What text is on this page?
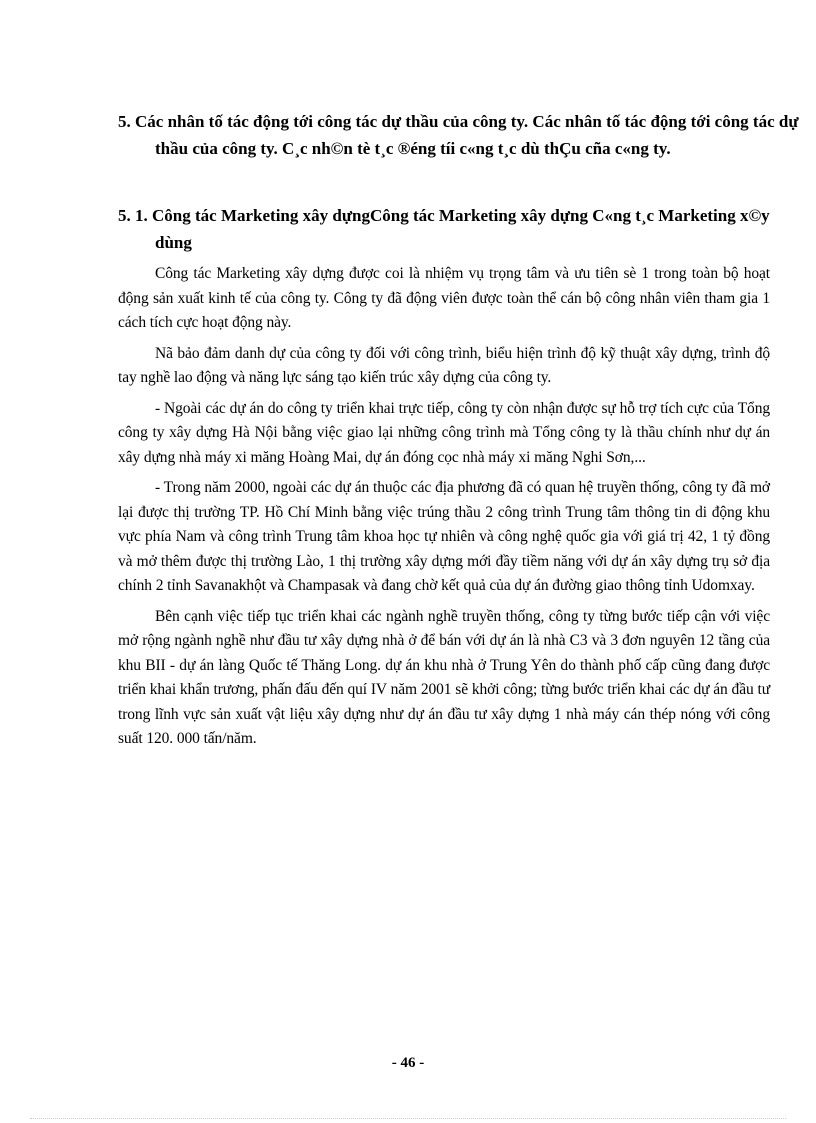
5. Các nhân tố tác động tới công tác dự thầu của công ty. Các nhân tố tác động tới công tác dự thầu của công ty. C¸c nh©n tè t¸c ®éng tíi c«ng t¸c dù thÇu cña c«ng ty.
5. 1. Công tác Marketing xây dựngCông tác Marketing xây dựng C«ng t¸c Marketing x©y dùng

Công tác Marketing xây dựng được coi là nhiệm vụ trọng tâm và ưu tiên sè 1 trong toàn bộ hoạt động sản xuất kinh tế của công ty. Công ty đã động viên được toàn thể cán bộ công nhân viên tham gia 1 cách tích cực hoạt động này.

Nã bảo đảm danh dự của công ty đối với công trình, biểu hiện trình độ kỹ thuật xây dựng, trình độ tay nghề lao động và năng lực sáng tạo kiến trúc xây dựng của công ty.

- Ngoài các dự án do công ty triển khai trực tiếp, công ty còn nhận được sự hỗ trợ tích cực của Tổng công ty xây dựng Hà Nội bằng việc giao lại những công trình mà Tổng công ty là thầu chính như dự án xây dựng nhà máy xi măng Hoàng Mai, dự án đóng cọc nhà máy xi măng Nghi Sơn,...

- Trong năm 2000, ngoài các dự án thuộc các địa phương đã có quan hệ truyền thống, công ty đã mở lại được thị trường TP. Hồ Chí Minh bằng việc trúng thầu 2 công trình Trung tâm thông tin di động khu vực phía Nam và công trình Trung tâm khoa học tự nhiên và công nghệ quốc gia với giá trị 42, 1 tỷ đồng và mở thêm được thị trường Lào, 1 thị trường xây dựng mới đầy tiềm năng với dự án xây dựng trụ sở địa chính 2 tỉnh Savanakhột và Champasak và đang chờ kết quả của dự án đường giao thông tỉnh Udomxay.

Bên cạnh việc tiếp tục triển khai các ngành nghề truyền thống, công ty từng bước tiếp cận với việc mở rộng ngành nghề như đầu tư xây dựng nhà ở để bán với dự án là nhà C3 và 3 đơn nguyên 12 tầng của khu BII - dự án làng Quốc tế Thăng Long. dự án khu nhà ở Trung Yên do thành phố cấp cũng đang được triển khai khẩn trương, phấn đấu đến quí IV năm 2001 sẽ khởi công; từng bước triển khai các dự án đầu tư trong lĩnh vực sản xuất vật liệu xây dựng như dự án đầu tư xây dựng 1 nhà máy cán thép nóng với công suất 120. 000 tấn/năm.

- 46 -
